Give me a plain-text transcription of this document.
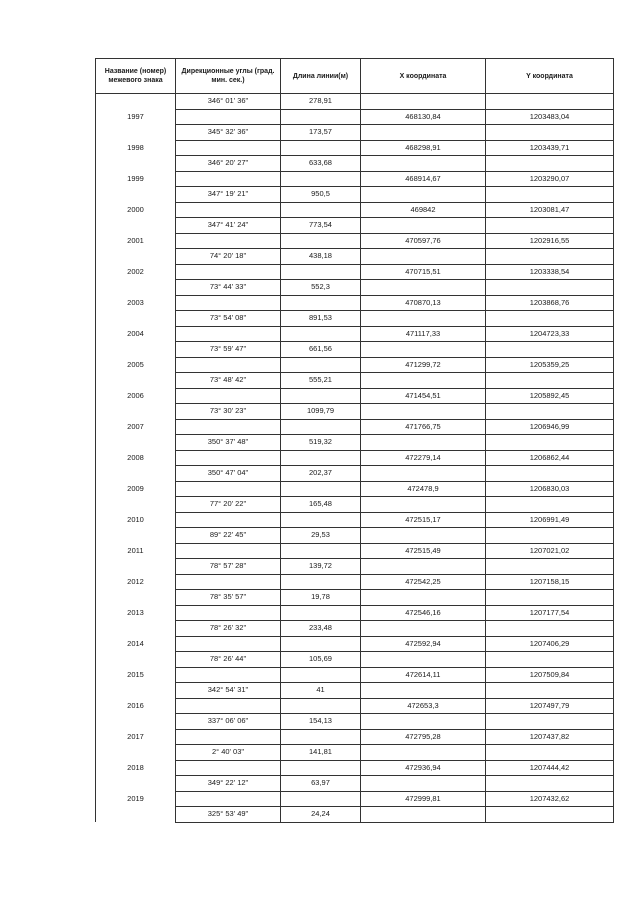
Название (номер) межевого знака	Дирекционные углы (град. мин. сек.)	Длина линии(м)	X координата	Y координата
	346° 01' 36"	278,91		
1997			468130,84	1203483,04
	345° 32' 36"	173,57		
1998			468298,91	1203439,71
	346° 20' 27"	633,68		
1999			468914,67	1203290,07
	347° 19' 21"	950,5		
2000			469842	1203081,47
	347° 41' 24"	773,54		
2001			470597,76	1202916,55
	74° 20' 18"	438,18		
2002			470715,51	1203338,54
	73° 44' 33"	552,3		
2003			470870,13	1203868,76
	73° 54' 08"	891,53		
2004			471117,33	1204723,33
	73° 59' 47"	661,56		
2005			471299,72	1205359,25
	73° 48' 42"	555,21		
2006			471454,51	1205892,45
	73° 30' 23"	1099,79		
2007			471766,75	1206946,99
	350° 37' 48"	519,32		
2008			472279,14	1206862,44
	350° 47' 04"	202,37		
2009			472478,9	1206830,03
	77° 20' 22"	165,48		
2010			472515,17	1206991,49
	89° 22' 45"	29,53		
2011			472515,49	1207021,02
	78° 57' 28"	139,72		
2012			472542,25	1207158,15
	78° 35' 57"	19,78		
2013			472546,16	1207177,54
	78° 26' 32"	233,48		
2014			472592,94	1207406,29
	78° 26' 44"	105,69		
2015			472614,11	1207509,84
	342° 54' 31"	41		
2016			472653,3	1207497,79
	337° 06' 06"	154,13		
2017			472795,28	1207437,82
	2° 40' 03"	141,81		
2018			472936,94	1207444,42
	349° 22' 12"	63,97		
2019			472999,81	1207432,62
	325° 53' 49"	24,24		
